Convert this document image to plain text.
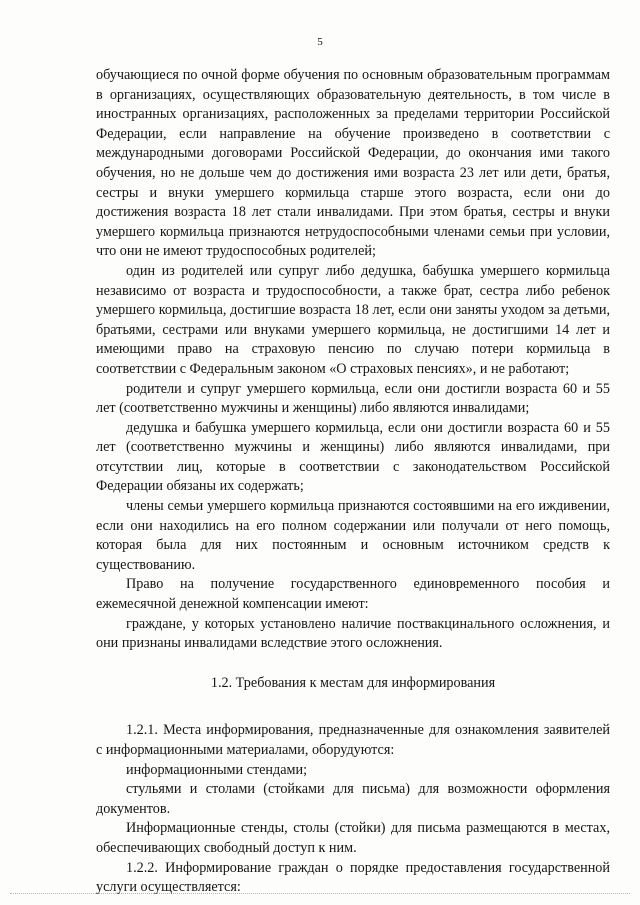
5

обучающиеся по очной форме обучения по основным образовательным программам в организациях, осуществляющих образовательную деятельность, в том числе в иностранных организациях, расположенных за пределами территории Российской Федерации, если направление на обучение произведено в соответствии с международными договорами Российской Федерации, до окончания ими такого обучения, но не дольше чем до достижения ими возраста 23 лет или дети, братья, сестры и внуки умершего кормильца старше этого возраста, если они до достижения возраста 18 лет стали инвалидами. При этом братья, сестры и внуки умершего кормильца признаются нетрудоспособными членами семьи при условии, что они не имеют трудоспособных родителей;

один из родителей или супруг либо дедушка, бабушка умершего кормильца независимо от возраста и трудоспособности, а также брат, сестра либо ребенок умершего кормильца, достигшие возраста 18 лет, если они заняты уходом за детьми, братьями, сестрами или внуками умершего кормильца, не достигшими 14 лет и имеющими право на страховую пенсию по случаю потери кормильца в соответствии с Федеральным законом «О страховых пенсиях», и не работают;

родители и супруг умершего кормильца, если они достигли возраста 60 и 55 лет (соответственно мужчины и женщины) либо являются инвалидами;

дедушка и бабушка умершего кормильца, если они достигли возраста 60 и 55 лет (соответственно мужчины и женщины) либо являются инвалидами, при отсутствии лиц, которые в соответствии с законодательством Российской Федерации обязаны их содержать;

члены семьи умершего кормильца признаются состоявшими на его иждивении, если они находились на его полном содержании или получали от него помощь, которая была для них постоянным и основным источником средств к существованию.

Право на получение государственного единовременного пособия и ежемесячной денежной компенсации имеют:

граждане, у которых установлено наличие поствакцинального осложнения, и они признаны инвалидами вследствие этого осложнения.

1.2. Требования к местам для информирования

1.2.1. Места информирования, предназначенные для ознакомления заявителей с информационными материалами, оборудуются:

информационными стендами;

стульями и столами (стойками для письма) для возможности оформления документов.

Информационные стенды, столы (стойки) для письма размещаются в местах, обеспечивающих свободный доступ к ним.

1.2.2. Информирование граждан о порядке предоставления государственной услуги осуществляется:
